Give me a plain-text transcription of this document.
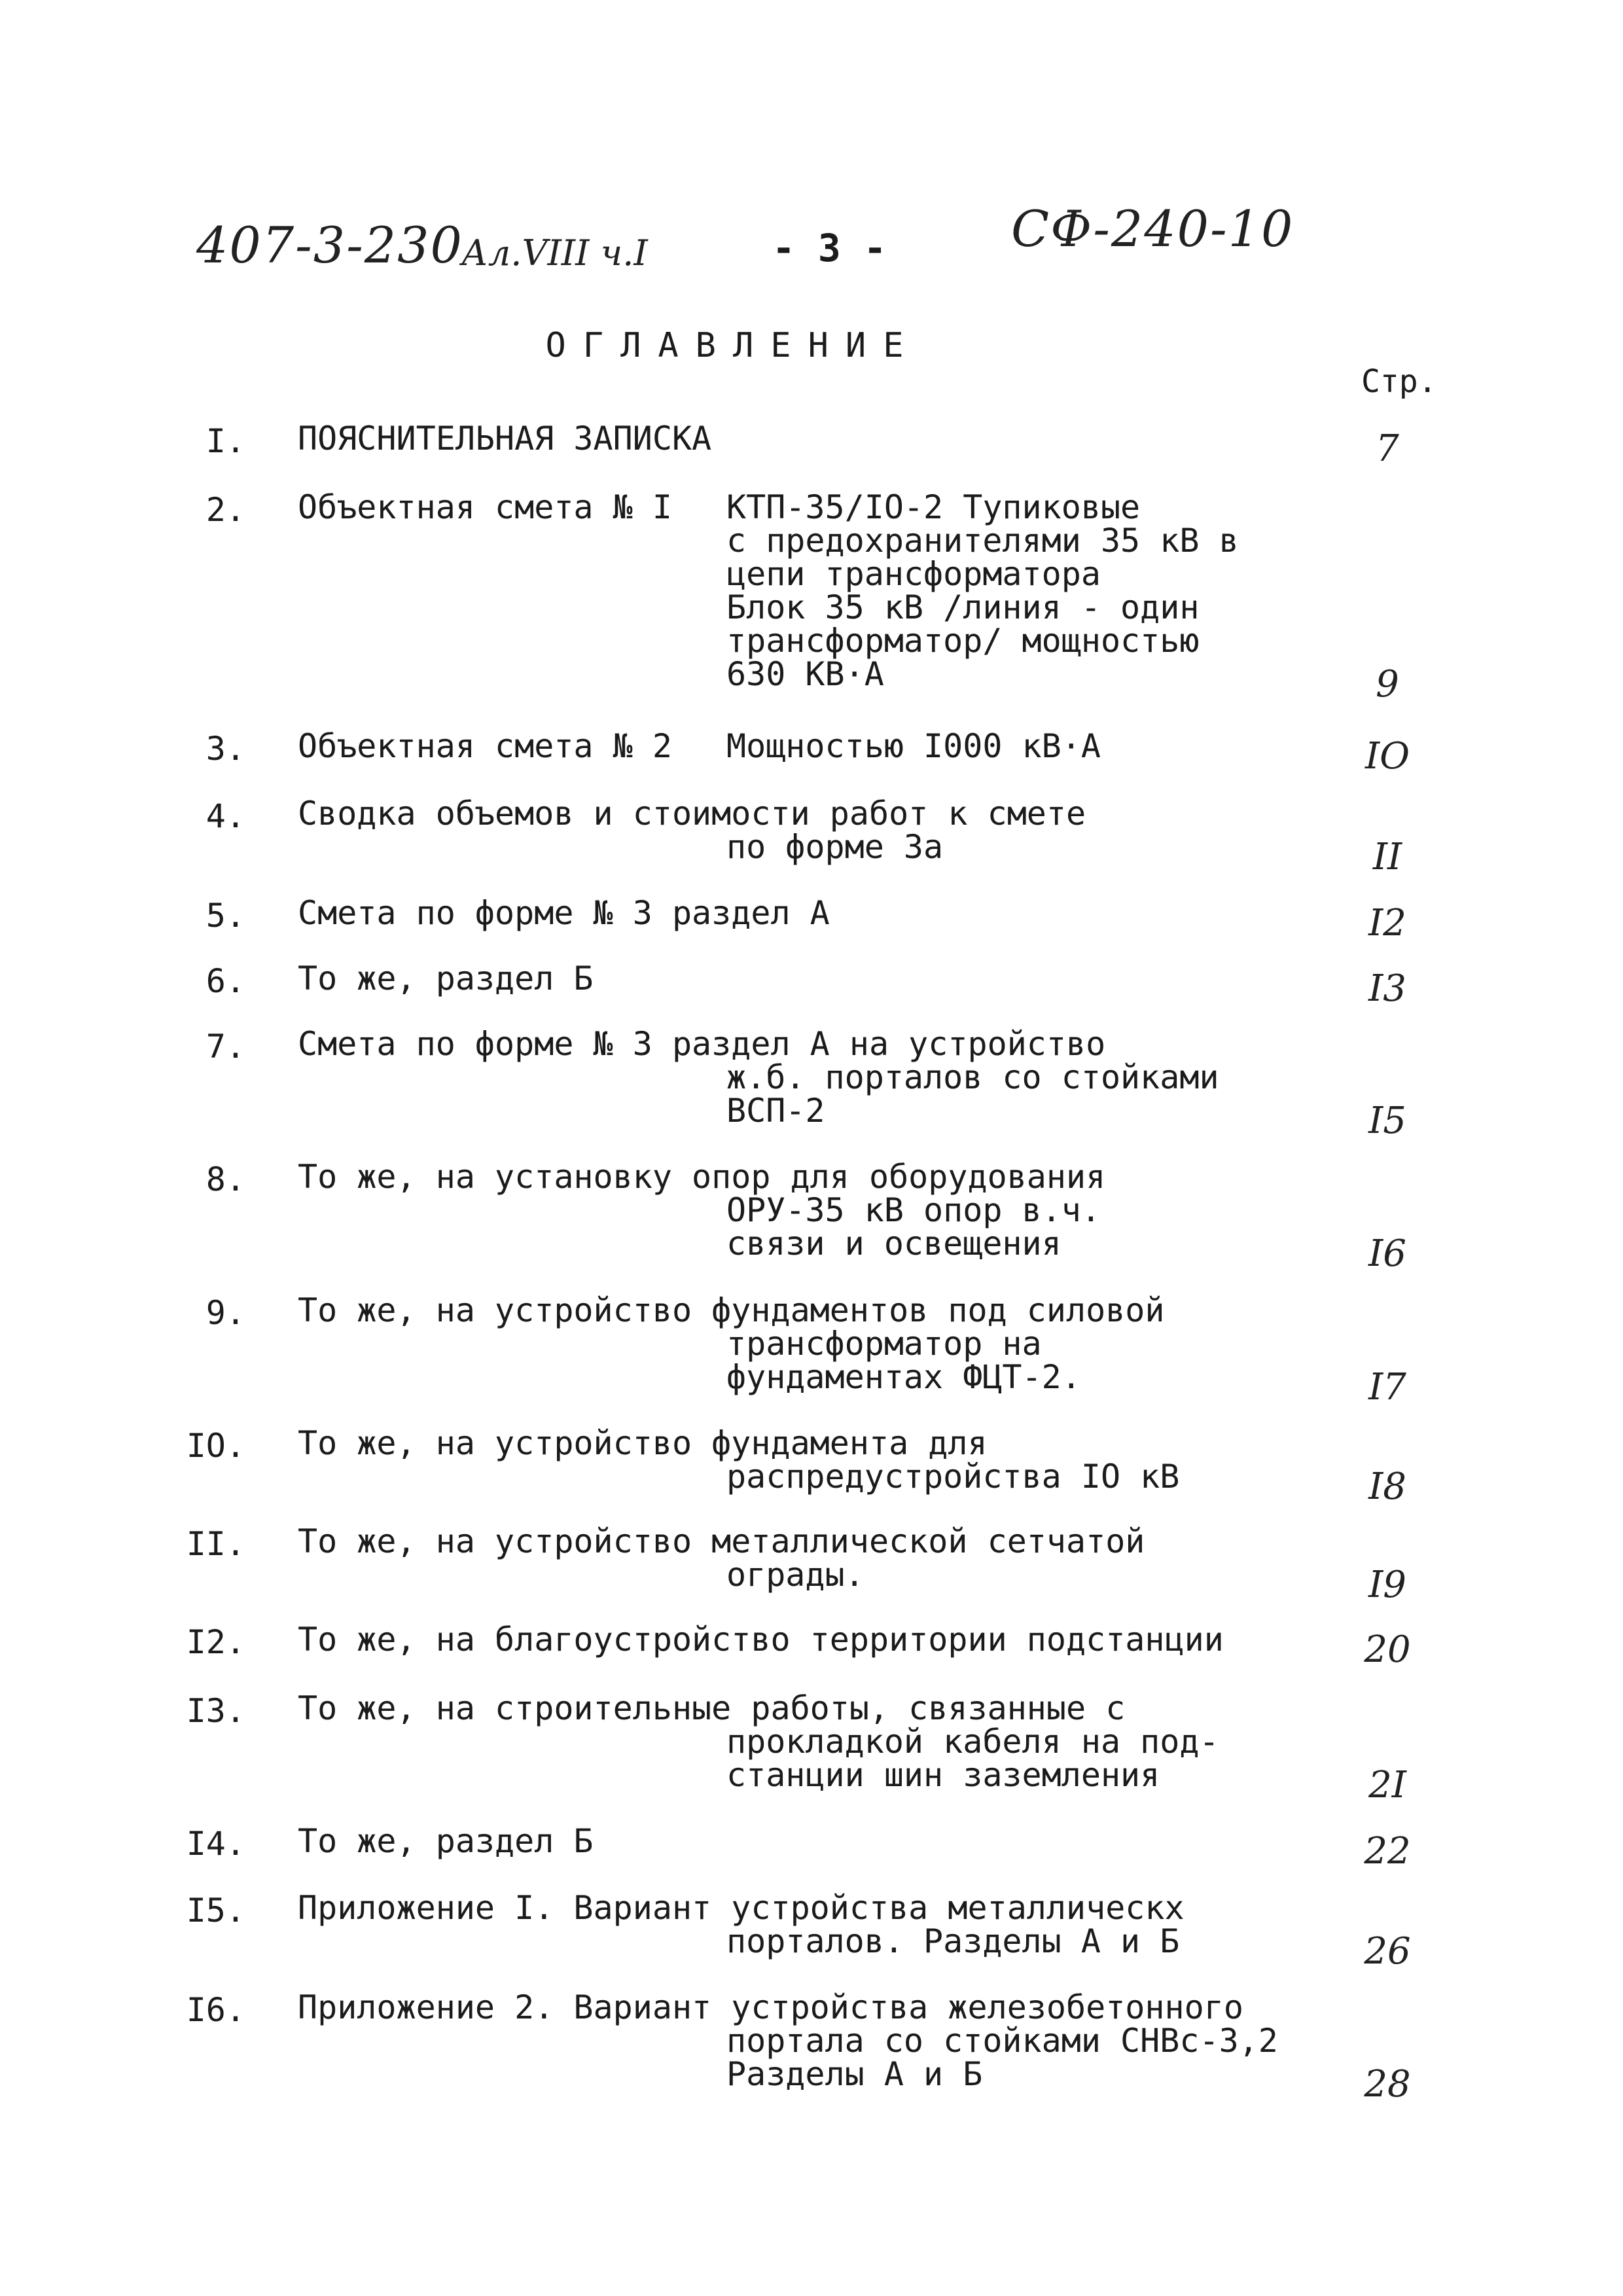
407-3-230
Ал.VIII ч.I	- 3 -	СФ-240-10
ОГЛАВЛЕНИЕ
Стр.
I. ПОЯСНИТЕЛЬНАЯ ЗАПИСКА	7
2. Объектная смета № I КТП-35/IO-2 Тупиковые
с предохранителями 35 кВ в
цепи трансформатора
Блок 35 кВ /линия - один
трансформатор/ мощностью
630 КВ·А	9
3. Объектная смета № 2 Мощностью I000 кВ·А	IO
4. Сводка объемов и стоимости работ к смете
по форме 3а	II
5. Смета по форме № 3 раздел А	I2
6. То же, раздел Б	I3
7. Смета по форме № 3 раздел А на устройство
ж.б. порталов со стойками
ВСП-2	I5
8. То же, на установку опор для оборудования
ОРУ-35 кВ опор в.ч.
связи и освещения	I6
9. То же, на устройство фундаментов под силовой
трансформатор на
фундаментах ФЦТ-2.	I7
IO. То же, на устройство фундамента для
распредустройства IO кВ	I8
II. То же, на устройство металлической сетчатой
ограды.	I9
I2. То же, на благоустройство территории подстанции	20
I3. То же, на строительные работы, связанные с
прокладкой кабеля на под-
станции шин заземления	2I
I4. То же, раздел Б	22
I5. Приложение I. Вариант устройства металлическх
порталов. Разделы А и Б	26
I6. Приложение 2. Вариант устройства железобетонного
портала со стойками СНВс-3,2
Разделы А и Б	28
